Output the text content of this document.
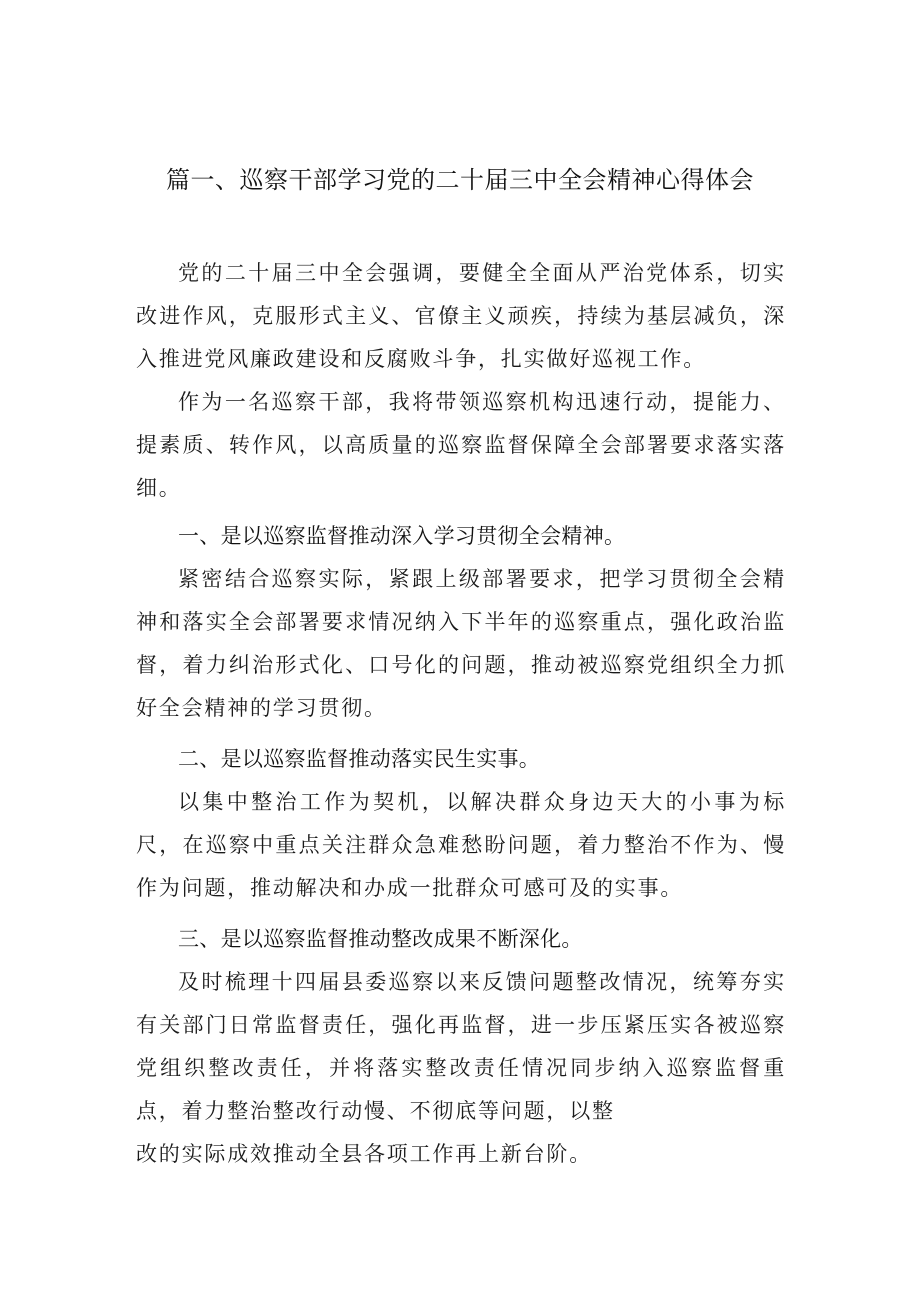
篇一、巡察干部学习党的二十届三中全会精神心得体会

党的二十届三中全会强调，要健全全面从严治党体系，切实改进作风，克服形式主义、官僚主义顽疾，持续为基层减负，深入推进党风廉政建设和反腐败斗争，扎实做好巡视工作。

作为一名巡察干部，我将带领巡察机构迅速行动，提能力、提素质、转作风，以高质量的巡察监督保障全会部署要求落实落细。

一、是以巡察监督推动深入学习贯彻全会精神。

紧密结合巡察实际，紧跟上级部署要求，把学习贯彻全会精神和落实全会部署要求情况纳入下半年的巡察重点，强化政治监督，着力纠治形式化、口号化的问题，推动被巡察党组织全力抓好全会精神的学习贯彻。

二、是以巡察监督推动落实民生实事。

以集中整治工作为契机，以解决群众身边天大的小事为标尺，在巡察中重点关注群众急难愁盼问题，着力整治不作为、慢作为问题，推动解决和办成一批群众可感可及的实事。

三、是以巡察监督推动整改成果不断深化。

及时梳理十四届县委巡察以来反馈问题整改情况，统筹夯实有关部门日常监督责任，强化再监督，进一步压紧压实各被巡察党组织整改责任，并将落实整改责任情况同步纳入巡察监督重点，着力整治整改行动慢、不彻底等问题，以整

改的实际成效推动全县各项工作再上新台阶。
